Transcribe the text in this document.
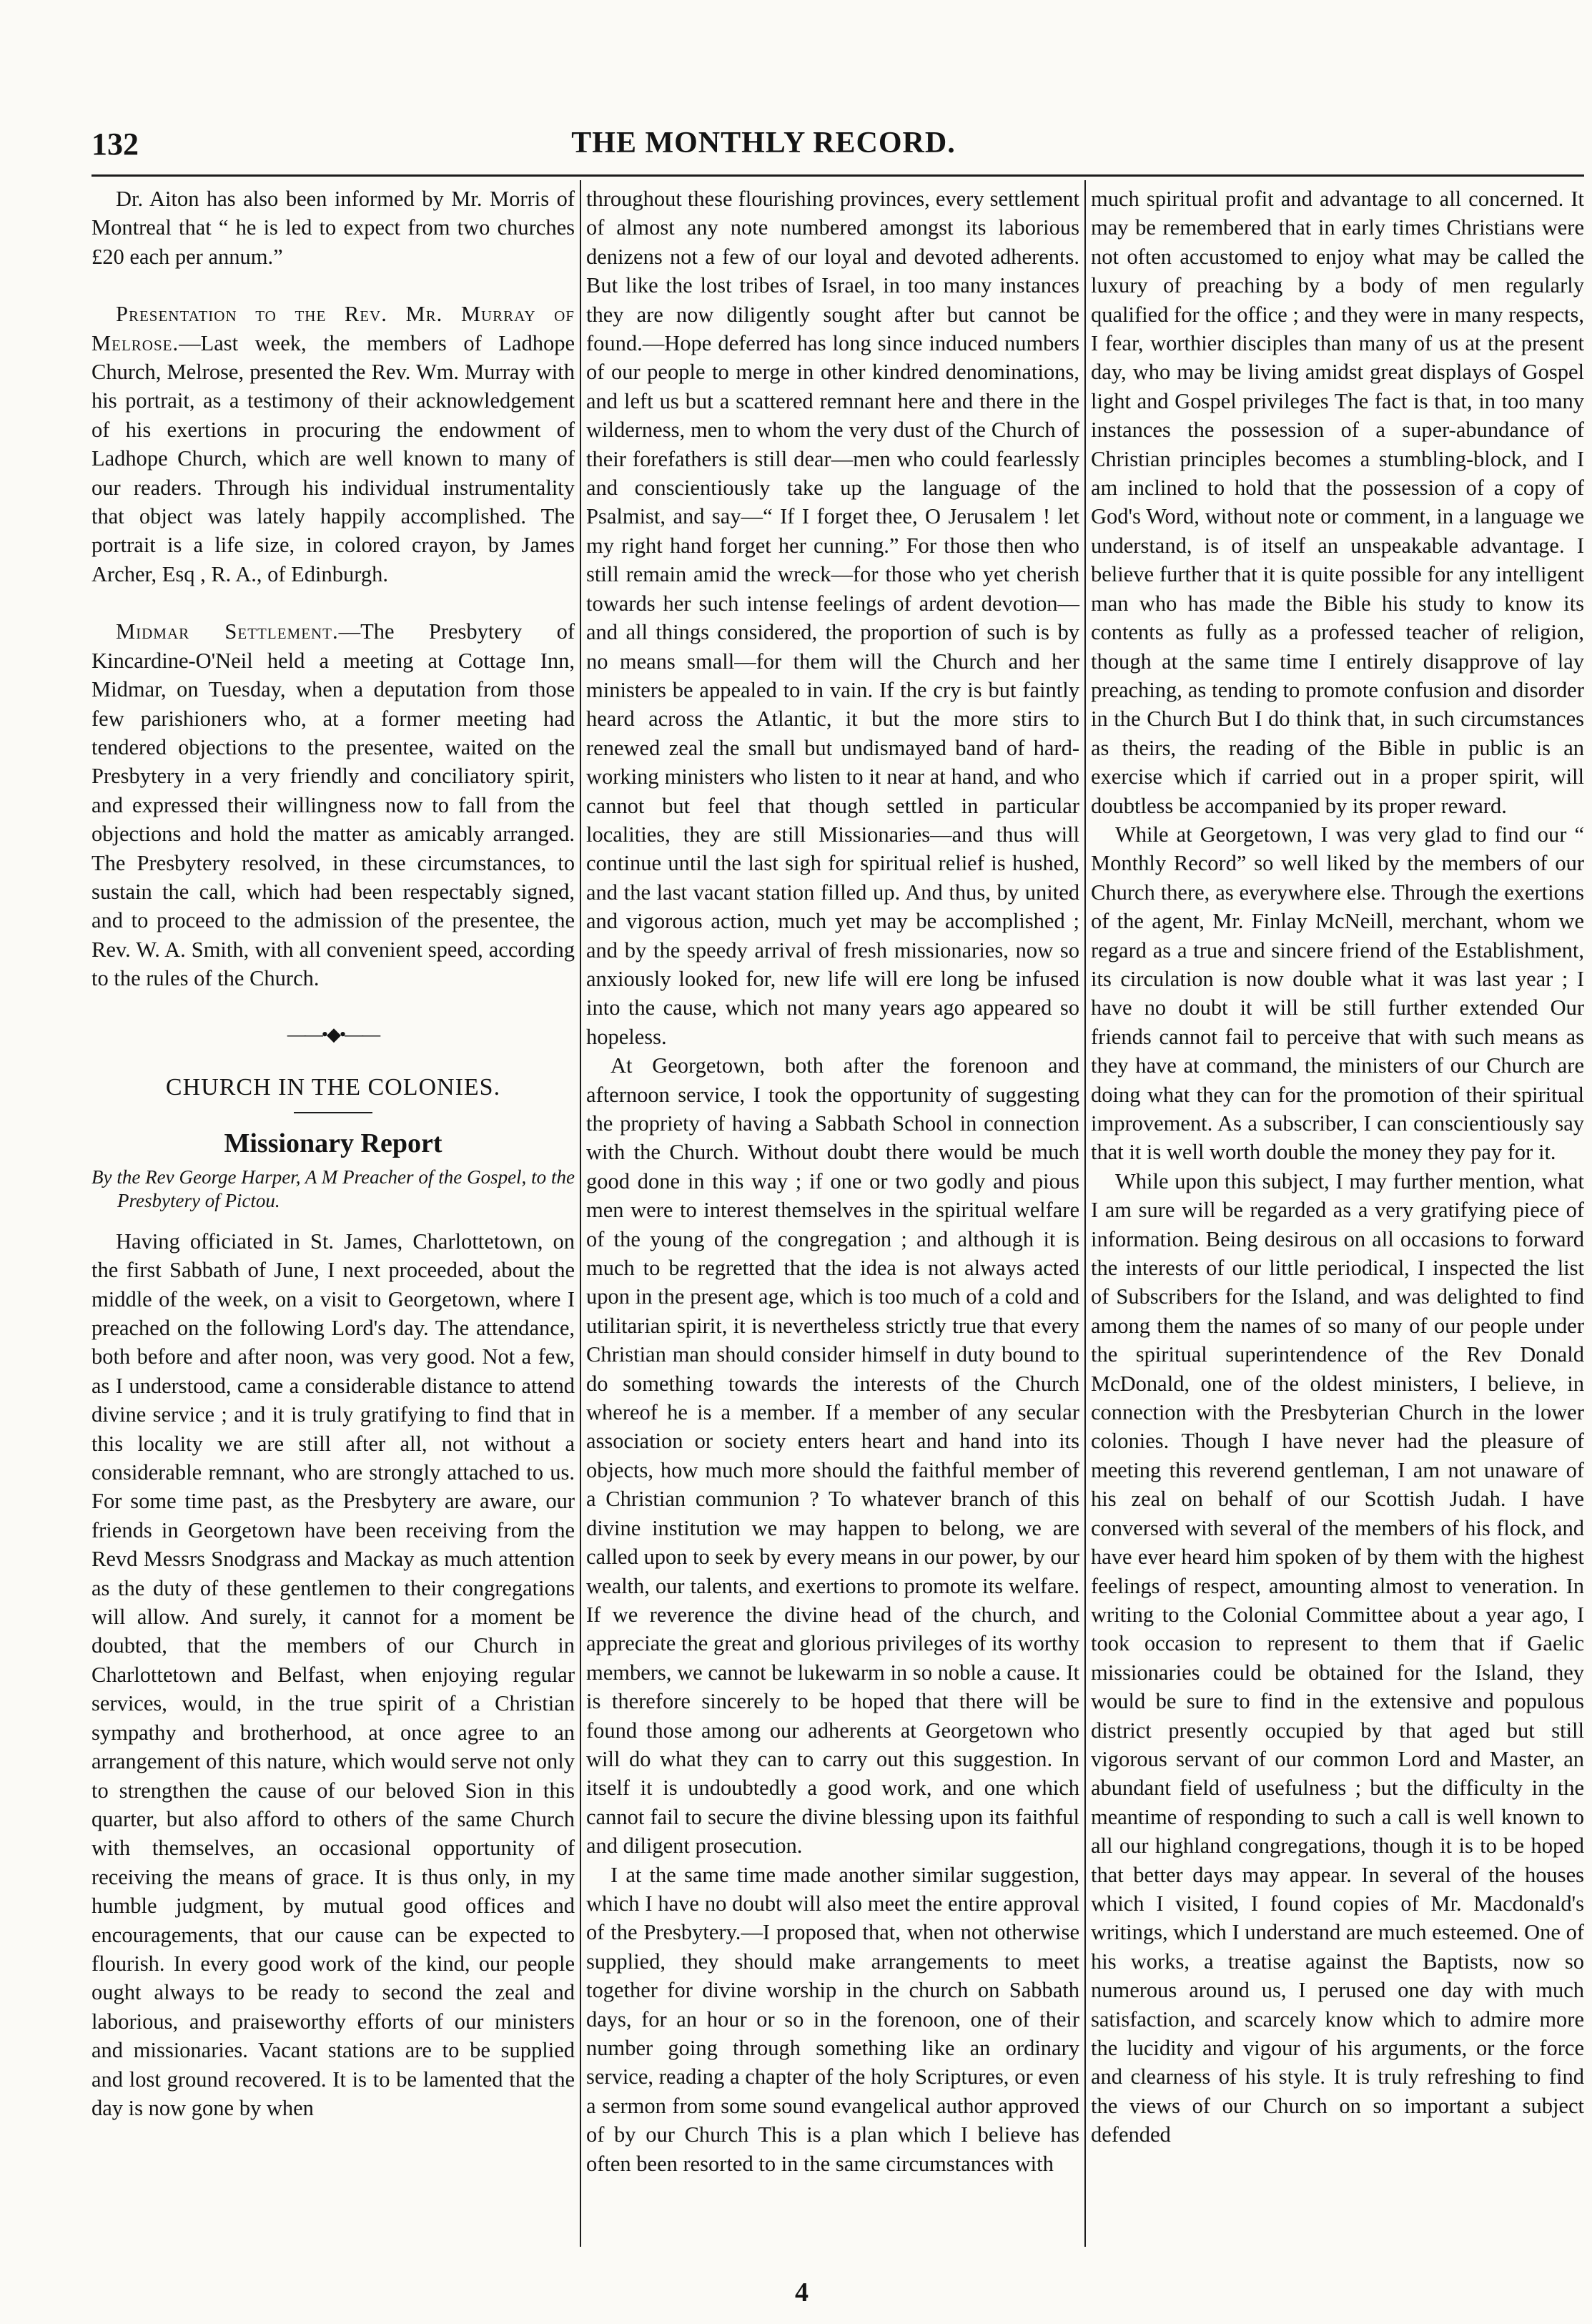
132	THE MONTHLY RECORD.

Dr. Aiton has also been informed by Mr. Morris of Montreal that “ he is led to expect from two churches £20 each per annum.”

Presentation to the Rev. Mr. Murray of Melrose.—Last week, the members of Ladhope Church, Melrose, presented the Rev. Wm. Murray with his portrait, as a testimony of their acknowledgement of his exertions in procuring the endowment of Ladhope Church, which are well known to many of our readers. Through his individual instrumentality that object was lately happily accomplished. The portrait is a life size, in colored crayon, by James Archer, Esq , R. A., of Edinburgh.

Midmar Settlement.—The Presbytery of Kincardine-O'Neil held a meeting at Cottage Inn, Midmar, on Tuesday, when a deputation from those few parishioners who, at a former meeting had tendered objections to the presentee, waited on the Presbytery in a very friendly and conciliatory spirit, and expressed their willingness now to fall from the objections and hold the matter as amicably arranged. The Presbytery resolved, in these circumstances, to sustain the call, which had been respectably signed, and to proceed to the admission of the presentee, the Rev. W. A. Smith, with all convenient speed, according to the rules of the Church.

——•◆•——
CHURCH IN THE COLONIES.
Missionary Report
By the Rev George Harper, A M Preacher of the Gospel, to the Presbytery of Pictou.

Having officiated in St. James, Charlottetown, on the first Sabbath of June, I next proceeded, about the middle of the week, on a visit to Georgetown, where I preached on the following Lord's day. The attendance, both before and after noon, was very good. Not a few, as I understood, came a considerable distance to attend divine service ; and it is truly gratifying to find that in this locality we are still after all, not without a considerable remnant, who are strongly attached to us. For some time past, as the Presbytery are aware, our friends in Georgetown have been receiving from the Revd Messrs Snodgrass and Mackay as much attention as the duty of these gentlemen to their congregations will allow. And surely, it cannot for a moment be doubted, that the members of our Church in Charlottetown and Belfast, when enjoying regular services, would, in the true spirit of a Christian sympathy and brotherhood, at once agree to an arrangement of this nature, which would serve not only to strengthen the cause of our beloved Sion in this quarter, but also afford to others of the same Church with themselves, an occasional opportunity of receiving the means of grace. It is thus only, in my humble judgment, by mutual good offices and encouragements, that our cause can be expected to flourish. In every good work of the kind, our people ought always to be ready to second the zeal and laborious, and praiseworthy efforts of our ministers and missionaries. Vacant stations are to be supplied and lost ground recovered. It is to be lamented that the day is now gone by when

throughout these flourishing provinces, every settlement of almost any note numbered amongst its laborious denizens not a few of our loyal and devoted adherents. But like the lost tribes of Israel, in too many instances they are now diligently sought after but cannot be found.—Hope deferred has long since induced numbers of our people to merge in other kindred denominations, and left us but a scattered remnant here and there in the wilderness, men to whom the very dust of the Church of their forefathers is still dear—men who could fearlessly and conscientiously take up the language of the Psalmist, and say—“ If I forget thee, O Jerusalem ! let my right hand forget her cunning.” For those then who still remain amid the wreck—for those who yet cherish towards her such intense feelings of ardent devotion—and all things considered, the proportion of such is by no means small—for them will the Church and her ministers be appealed to in vain. If the cry is but faintly heard across the Atlantic, it but the more stirs to renewed zeal the small but undismayed band of hard-working ministers who listen to it near at hand, and who cannot but feel that though settled in particular localities, they are still Missionaries—and thus will continue until the last sigh for spiritual relief is hushed, and the last vacant station filled up. And thus, by united and vigorous action, much yet may be accomplished ; and by the speedy arrival of fresh missionaries, now so anxiously looked for, new life will ere long be infused into the cause, which not many years ago appeared so hopeless.

At Georgetown, both after the forenoon and afternoon service, I took the opportunity of suggesting the propriety of having a Sabbath School in connection with the Church. Without doubt there would be much good done in this way ; if one or two godly and pious men were to interest themselves in the spiritual welfare of the young of the congregation ; and although it is much to be regretted that the idea is not always acted upon in the present age, which is too much of a cold and utilitarian spirit, it is nevertheless strictly true that every Christian man should consider himself in duty bound to do something towards the interests of the Church whereof he is a member. If a member of any secular association or society enters heart and hand into its objects, how much more should the faithful member of a Christian communion ? To whatever branch of this divine institution we may happen to belong, we are called upon to seek by every means in our power, by our wealth, our talents, and exertions to promote its welfare. If we reverence the divine head of the church, and appreciate the great and glorious privileges of its worthy members, we cannot be lukewarm in so noble a cause. It is therefore sincerely to be hoped that there will be found those among our adherents at Georgetown who will do what they can to carry out this suggestion. In itself it is undoubtedly a good work, and one which cannot fail to secure the divine blessing upon its faithful and diligent prosecution.

I at the same time made another similar suggestion, which I have no doubt will also meet the entire approval of the Presbytery.—I proposed that, when not otherwise supplied, they should make arrangements to meet together for divine worship in the church on Sabbath days, for an hour or so in the forenoon, one of their number going through something like an ordinary service, reading a chapter of the holy Scriptures, or even a sermon from some sound evangelical author approved of by our Church This is a plan which I believe has often been resorted to in the same circumstances with

much spiritual profit and advantage to all concerned. It may be remembered that in early times Christians were not often accustomed to enjoy what may be called the luxury of preaching by a body of men regularly qualified for the office ; and they were in many respects, I fear, worthier disciples than many of us at the present day, who may be living amidst great displays of Gospel light and Gospel privileges The fact is that, in too many instances the possession of a super-abundance of Christian principles becomes a stumbling-block, and I am inclined to hold that the possession of a copy of God's Word, without note or comment, in a language we understand, is of itself an unspeakable advantage. I believe further that it is quite possible for any intelligent man who has made the Bible his study to know its contents as fully as a professed teacher of religion, though at the same time I entirely disapprove of lay preaching, as tending to promote confusion and disorder in the Church But I do think that, in such circumstances as theirs, the reading of the Bible in public is an exercise which if carried out in a proper spirit, will doubtless be accompanied by its proper reward.

While at Georgetown, I was very glad to find our “ Monthly Record” so well liked by the members of our Church there, as everywhere else. Through the exertions of the agent, Mr. Finlay McNeill, merchant, whom we regard as a true and sincere friend of the Establishment, its circulation is now double what it was last year ; I have no doubt it will be still further extended Our friends cannot fail to perceive that with such means as they have at command, the ministers of our Church are doing what they can for the promotion of their spiritual improvement. As a subscriber, I can conscientiously say that it is well worth double the money they pay for it.

While upon this subject, I may further mention, what I am sure will be regarded as a very gratifying piece of information. Being desirous on all occasions to forward the interests of our little periodical, I inspected the list of Subscribers for the Island, and was delighted to find among them the names of so many of our people under the spiritual superintendence of the Rev Donald McDonald, one of the oldest ministers, I believe, in connection with the Presbyterian Church in the lower colonies. Though I have never had the pleasure of meeting this reverend gentleman, I am not unaware of his zeal on behalf of our Scottish Judah. I have conversed with several of the members of his flock, and have ever heard him spoken of by them with the highest feelings of respect, amounting almost to veneration. In writing to the Colonial Committee about a year ago, I took occasion to represent to them that if Gaelic missionaries could be obtained for the Island, they would be sure to find in the extensive and populous district presently occupied by that aged but still vigorous servant of our common Lord and Master, an abundant field of usefulness ; but the difficulty in the meantime of responding to such a call is well known to all our highland congregations, though it is to be hoped that better days may appear. In several of the houses which I visited, I found copies of Mr. Macdonald's writings, which I understand are much esteemed. One of his works, a treatise against the Baptists, now so numerous around us, I perused one day with much satisfaction, and scarcely know which to admire more the lucidity and vigour of his arguments, or the force and clearness of his style. It is truly refreshing to find the views of our Church on so important a subject defended

4
